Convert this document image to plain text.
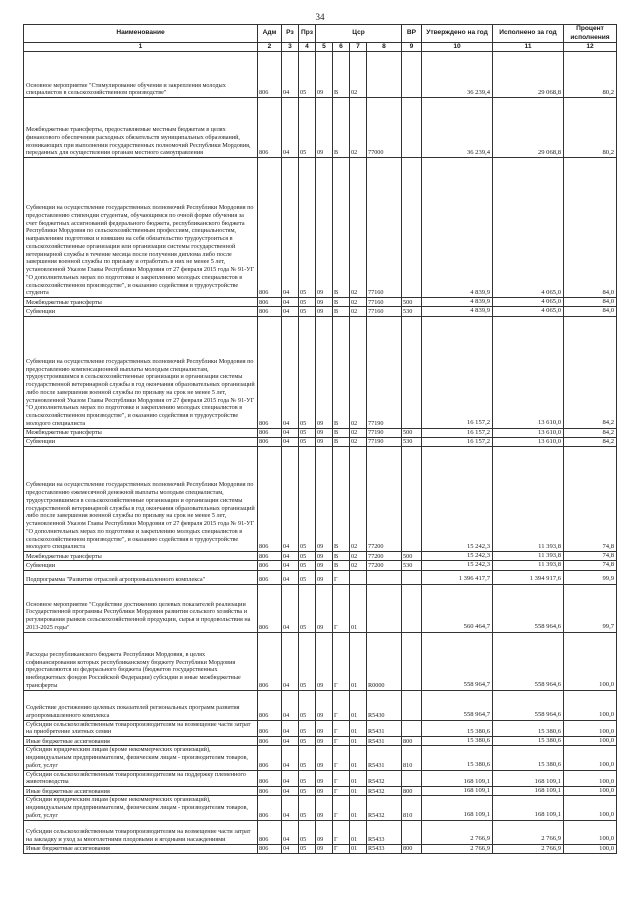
34
Наименование	Адм	Рз	Прз	Цср				ВР	Утверждено на год	Исполнено за год	Процент исполнения
1	2	3	4	5	6	7	8	9	10	11	12
Основное мероприятие "Стимулирование обучения и закрепления молодых специалистов в сельскохозяйственном производстве"	806	04	05	09	В	02			36 239,4	29 068,8	80,2
Межбюджетные трансферты, предоставляемые местным бюджетам в целях финансового обеспечения расходных обязательств муниципальных образований, возникающих при выполнении государственных полномочий Республики Мордовия, переданных для осуществления органам местного самоуправления	806	04	05	09	В	02	77000		36 239,4	29 068,8	80,2
Субвенции на осуществление государственных полномочий Республики Мордовия по предоставлению стипендии студентам, обучающимся по очной форме обучения за счет бюджетных ассигнований федерального бюджета, республиканского бюджета Республики Мордовия по сельскохозяйственным профессиям, специальностям, направлениям подготовки и взявшим на себя обязательство трудоустроиться в сельскохозяйственные организации или организации системы государственной ветеринарной службы в течение месяца после получения диплома либо после завершения военной службы по призыву и отработать в них не менее 5 лет, установленной Указом Главы Республики Мордовия от 27 февраля 2015 года № 91-УГ "О дополнительных мерах по подготовке и закреплению молодых специалистов в сельскохозяйственном производстве", и оказанию содействия в трудоустройстве студента	806	04	05	09	В	02	77160		4 839,9	4 065,0	84,0
Межбюджетные трансферты	806	04	05	09	В	02	77160	500	4 839,9	4 065,0	84,0
Субвенции	806	04	05	09	В	02	77160	530	4 839,9	4 065,0	84,0
Субвенции на осуществление государственных полномочий Республики Мордовия по предоставлению компенсационной выплаты молодым специалистам, трудоустроившимся в сельскохозяйственные организации и организации системы государственной ветеринарной службы в год окончания образовательных организаций либо после завершения военной службы по призыву на срок не менее 5 лет, установленной Указом Главы Республики Мордовия от 27 февраля 2015 года № 91-УГ "О дополнительных мерах по подготовке и закреплению молодых специалистов в сельскохозяйственном производстве", и оказанию содействия в трудоустройстве молодого специалиста	806	04	05	09	В	02	77190		16 157,2	13 610,0	84,2
Межбюджетные трансферты	806	04	05	09	В	02	77190	500	16 157,2	13 610,0	84,2
Субвенции	806	04	05	09	В	02	77190	530	16 157,2	13 610,0	84,2
Субвенции на осуществление государственных полномочий Республики Мордовия по предоставлению ежемесячной денежной выплаты молодым специалистам, трудоустроившимся в сельскохозяйственные организации и организации системы государственной ветеринарной службы в год окончания образовательных организаций либо после завершения военной службы по призыву на срок не менее 5 лет, установленной Указом Главы Республики Мордовия от 27 февраля 2015 года № 91-УГ "О дополнительных мерах по подготовке и закреплению молодых специалистов в сельскохозяйственном производстве", и оказанию содействия в трудоустройстве молодого специалиста	806	04	05	09	В	02	77200		15 242,3	11 393,8	74,8
Межбюджетные трансферты	806	04	05	09	В	02	77200	500	15 242,3	11 393,8	74,8
Субвенции	806	04	05	09	В	02	77200	530	15 242,3	11 393,8	74,8
Подпрограмма "Развитие отраслей агропромышленного комплекса"	806	04	05	09	Г				1 396 417,7	1 394 917,6	99,9
Основное мероприятие "Содействие достижению целевых показателей реализации Государственной программы Республики Мордовия развития сельского хозяйства и регулирования рынков сельскохозяйственной продукции, сырья и продовольствия на 2013-2025 годы"	806	04	05	09	Г	01			560 464,7	558 964,6	99,7
Расходы республиканского бюджета Республики Мордовия, в целях софинансирования которых республиканскому бюджету Республики Мордовия предоставляются из федерального бюджета (бюджетов государственных внебюджетных фондов Российской Федерации) субсидии и иные межбюджетные трансферты	806	04	05	09	Г	01	R0000		558 964,7	558 964,6	100,0
Содействие достижению целевых показателей региональных программ развития агропромышленного комплекса	806	04	05	09	Г	01	R5430		558 964,7	558 964,6	100,0
Субсидии сельскохозяйственным товаропроизводителям на возмещение части затрат на приобретение элитных семян	806	04	05	09	Г	01	R5431		15 380,6	15 380,6	100,0
Иные бюджетные ассигнования	806	04	05	09	Г	01	R5431	800	15 380,6	15 380,6	100,0
Субсидии юридическим лицам (кроме некоммерческих организаций), индивидуальным предпринимателям, физическим лицам - производителям товаров, работ, услуг	806	04	05	09	Г	01	R5431	810	15 380,6	15 380,6	100,0
Субсидии сельскохозяйственным товаропроизводителям на поддержку племенного животноводства	806	04	05	09	Г	01	R5432		168 109,1	168 109,1	100,0
Иные бюджетные ассигнования	806	04	05	09	Г	01	R5432	800	168 109,1	168 109,1	100,0
Субсидии юридическим лицам (кроме некоммерческих организаций), индивидуальным предпринимателям, физическим лицам - производителям товаров, работ, услуг	806	04	05	09	Г	01	R5432	810	168 109,1	168 109,1	100,0
Субсидии сельскохозяйственным товаропроизводителям на возмещение части затрат на закладку и уход за многолетними плодовыми и ягодными насаждениями	806	04	05	09	Г	01	R5433		2 766,9	2 766,9	100,0
Иные бюджетные ассигнования	806	04	05	09	Г	01	R5433	800	2 766,9	2 766,9	100,0
